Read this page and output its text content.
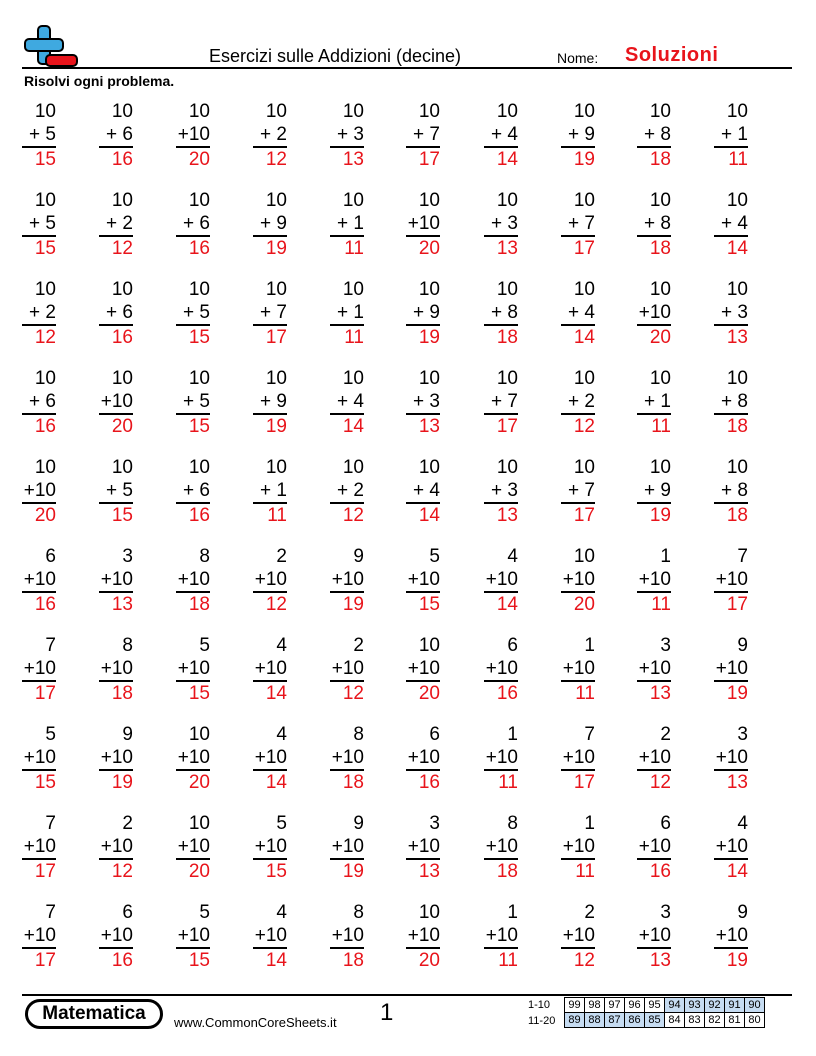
Esercizi sulle Addizioni (decine)	Nome: Soluzioni
Risolvi ogni problema.
10
+ 5
15
10
+ 6
16
10
+10
20
10
+ 2
12
10
+ 3
13
10
+ 7
17
10
+ 4
14
10
+ 9
19
10
+ 8
18
10
+ 1
11
10
+ 5
15
10
+ 2
12
10
+ 6
16
10
+ 9
19
10
+ 1
11
10
+10
20
10
+ 3
13
10
+ 7
17
10
+ 8
18
10
+ 4
14
10
+ 2
12
10
+ 6
16
10
+ 5
15
10
+ 7
17
10
+ 1
11
10
+ 9
19
10
+ 8
18
10
+ 4
14
10
+10
20
10
+ 3
13
10
+ 6
16
10
+10
20
10
+ 5
15
10
+ 9
19
10
+ 4
14
10
+ 3
13
10
+ 7
17
10
+ 2
12
10
+ 1
11
10
+ 8
18
10
+10
20
10
+ 5
15
10
+ 6
16
10
+ 1
11
10
+ 2
12
10
+ 4
14
10
+ 3
13
10
+ 7
17
10
+ 9
19
10
+ 8
18
6
+10
16
3
+10
13
8
+10
18
2
+10
12
9
+10
19
5
+10
15
4
+10
14
10
+10
20
1
+10
11
7
+10
17
7
+10
17
8
+10
18
5
+10
15
4
+10
14
2
+10
12
10
+10
20
6
+10
16
1
+10
11
3
+10
13
9
+10
19
5
+10
15
9
+10
19
10
+10
20
4
+10
14
8
+10
18
6
+10
16
1
+10
11
7
+10
17
2
+10
12
3
+10
13
7
+10
17
2
+10
12
10
+10
20
5
+10
15
9
+10
19
3
+10
13
8
+10
18
1
+10
11
6
+10
16
4
+10
14
7
+10
17
6
+10
16
5
+10
15
4
+10
14
8
+10
18
10
+10
20
1
+10
11
2
+10
12
3
+10
13
9
+10
19
Matematica	www.CommonCoreSheets.it 1	1-10	99 98 97 96 95 94 93 92 91 90
11-20	89 88 87 86 85 84 83 82 81 80
